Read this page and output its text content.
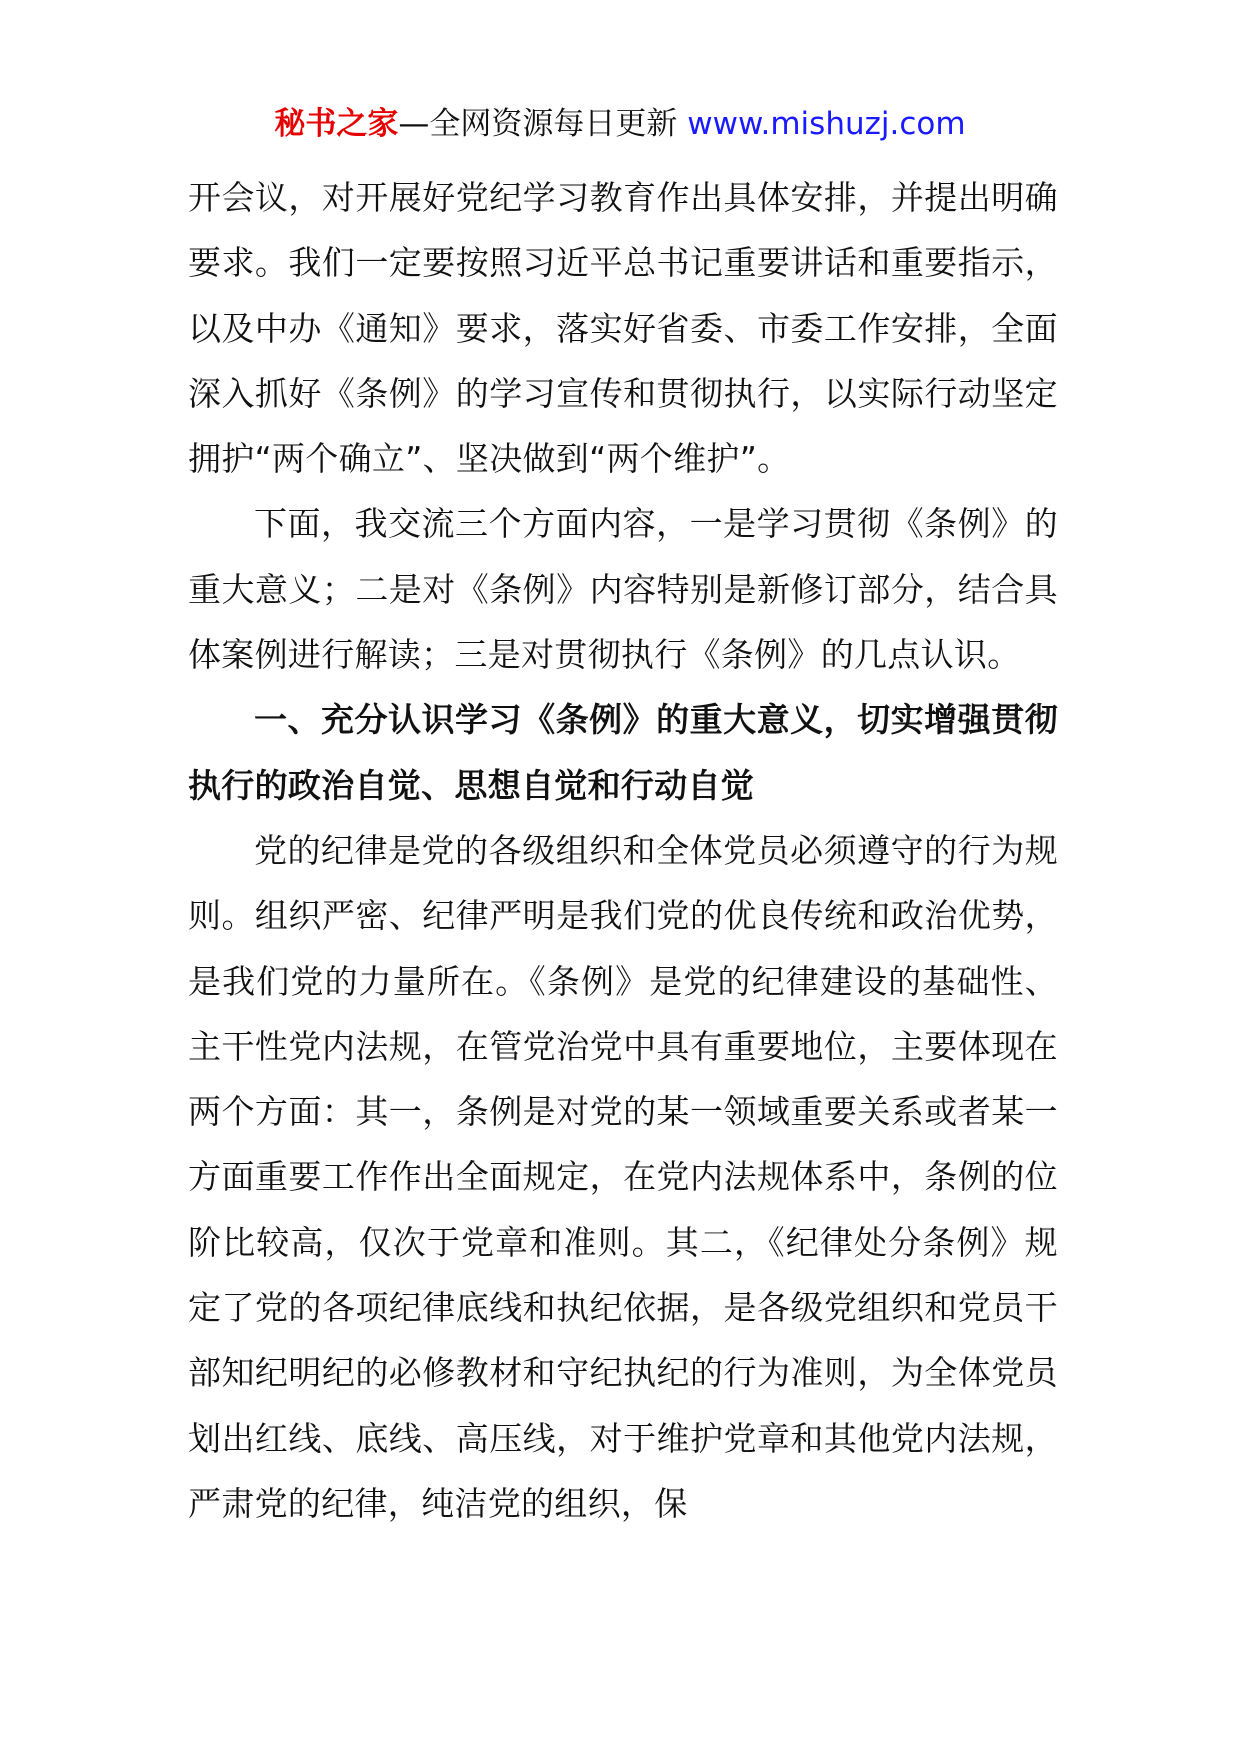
秘书之家—全网资源每日更新 www.mishuzj.com

开会议，对开展好党纪学习教育作出具体安排，并提出明确要求。我们一定要按照习近平总书记重要讲话和重要指示，以及中办《通知》要求，落实好省委、市委工作安排，全面深入抓好《条例》的学习宣传和贯彻执行，以实际行动坚定拥护“两个确立”、坚决做到“两个维护”。

下面，我交流三个方面内容，一是学习贯彻《条例》的重大意义；二是对《条例》内容特别是新修订部分，结合具体案例进行解读；三是对贯彻执行《条例》的几点认识。

一、充分认识学习《条例》的重大意义，切实增强贯彻执行的政治自觉、思想自觉和行动自觉

党的纪律是党的各级组织和全体党员必须遵守的行为规则。组织严密、纪律严明是我们党的优良传统和政治优势，是我们党的力量所在。《条例》是党的纪律建设的基础性、主干性党内法规，在管党治党中具有重要地位，主要体现在两个方面：其一，条例是对党的某一领域重要关系或者某一方面重要工作作出全面规定，在党内法规体系中，条例的位阶比较高，仅次于党章和准则。其二，《纪律处分条例》规定了党的各项纪律底线和执纪依据，是各级党组织和党员干部知纪明纪的必修教材和守纪执纪的行为准则，为全体党员划出红线、底线、高压线，对于维护党章和其他党内法规，严肃党的纪律，纯洁党的组织，保
